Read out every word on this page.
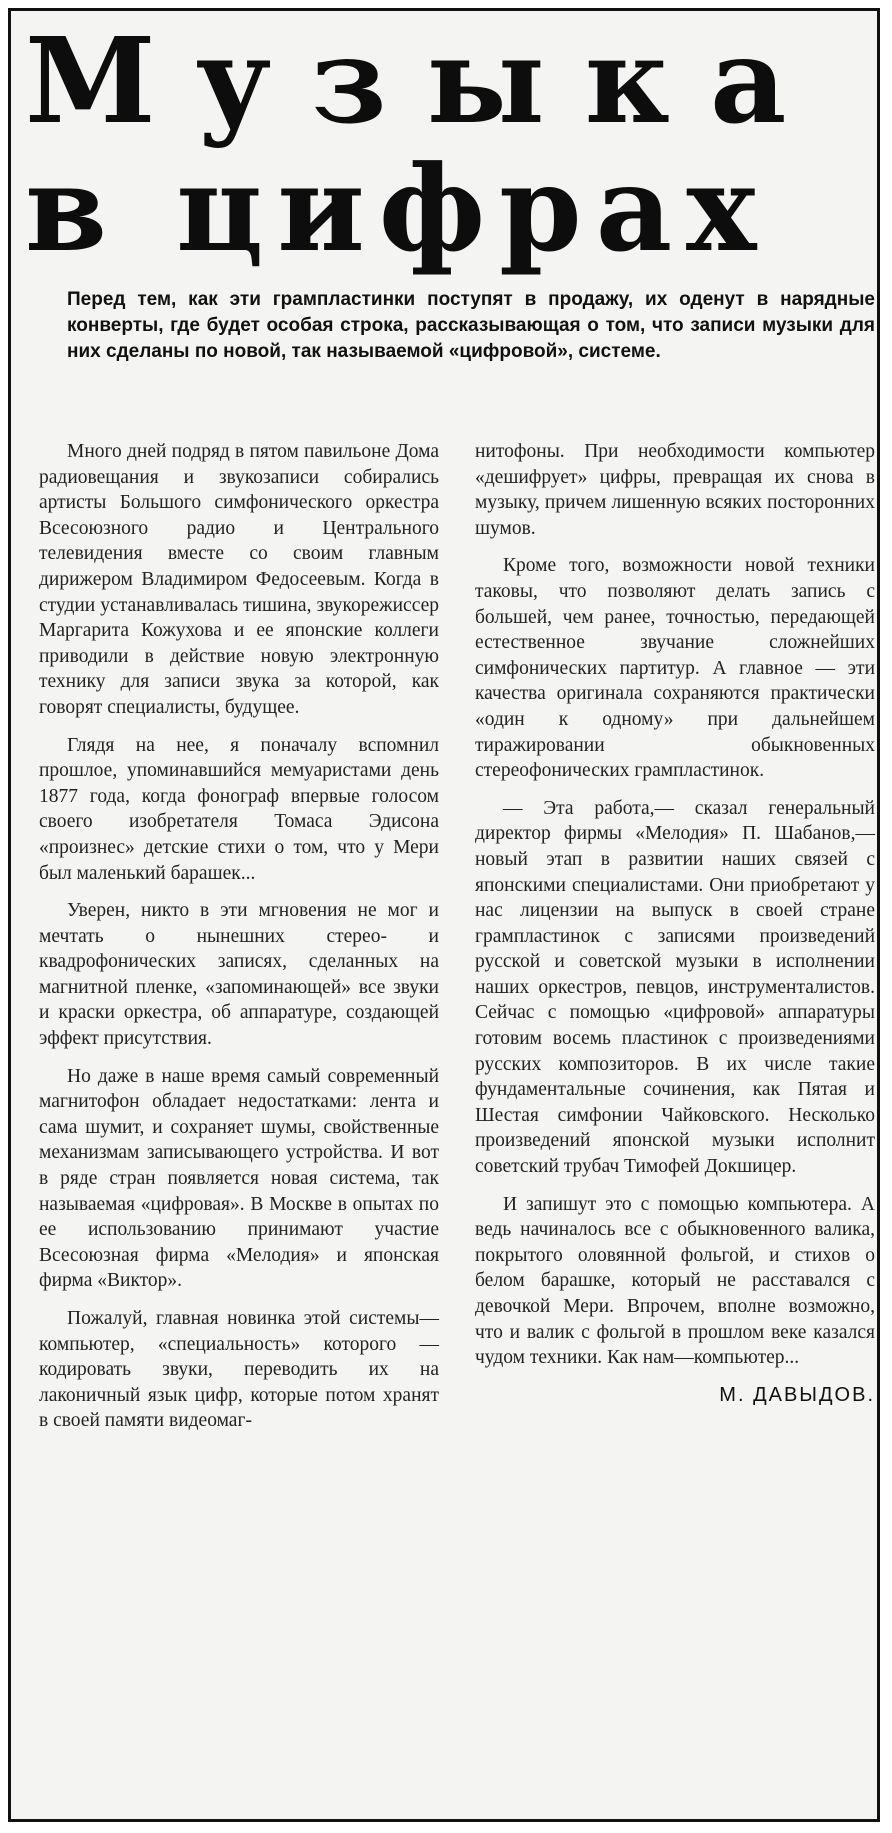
Музыка
в цифрах

Перед тем, как эти грампластинки поступят в продажу, их оденут в нарядные конверты, где будет особая строка, рассказывающая о том, что записи музыки для них сделаны по новой, так называемой «цифровой», системе.

Много дней подряд в пятом павильоне Дома радиовещания и звукозаписи собирались артисты Большого симфонического оркестра Всесоюзного радио и Центрального телевидения вместе со своим главным дирижером Владимиром Федосеевым. Когда в студии устанавливалась тишина, звукорежиссер Маргарита Кожухова и ее японские коллеги приводили в действие новую электронную технику для записи звука за которой, как говорят специалисты, будущее.

Глядя на нее, я поначалу вспомнил прошлое, упоминавшийся мемуаристами день 1877 года, когда фонограф впервые голосом своего изобретателя Томаса Эдисона «произнес» детские стихи о том, что у Мери был маленький барашек...

Уверен, никто в эти мгновения не мог и мечтать о нынешних стерео- и квадрофонических записях, сделанных на магнитной пленке, «запоминающей» все звуки и краски оркестра, об аппаратуре, создающей эффект присутствия.

Но даже в наше время самый современный магнитофон обладает недостатками: лента и сама шумит, и сохраняет шумы, свойственные механизмам записывающего устройства. И вот в ряде стран появляется новая система, так называемая «цифровая». В Москве в опытах по ее использованию принимают участие Всесоюзная фирма «Мелодия» и японская фирма «Виктор».

Пожалуй, главная новинка этой системы—компьютер, «специальность» которого — кодировать звуки, переводить их на лаконичный язык цифр, которые потом хранят в своей памяти видеомаг-

нитофоны. При необходимости компьютер «дешифрует» цифры, превращая их снова в музыку, причем лишенную всяких посторонних шумов.

Кроме того, возможности новой техники таковы, что позволяют делать запись с большей, чем ранее, точностью, передающей естественное звучание сложнейших симфонических партитур. А главное — эти качества оригинала сохраняются практически «один к одному» при дальнейшем тиражировании обыкновенных стереофонических грампластинок.

— Эта работа,— сказал генеральный директор фирмы «Мелодия» П. Шабанов,— новый этап в развитии наших связей с японскими специалистами. Они приобретают у нас лицензии на выпуск в своей стране грампластинок с записями произведений русской и советской музыки в исполнении наших оркестров, певцов, инструменталистов. Сейчас с помощью «цифровой» аппаратуры готовим восемь пластинок с произведениями русских композиторов. В их числе такие фундаментальные сочинения, как Пятая и Шестая симфонии Чайковского. Несколько произведений японской музыки исполнит советский трубач Тимофей Докшицер.

И запишут это с помощью компьютера. А ведь начиналось все с обыкновенного валика, покрытого оловянной фольгой, и стихов о белом барашке, который не расставался с девочкой Мери. Впрочем, вполне возможно, что и валик с фольгой в прошлом веке казался чудом техники. Как нам—компьютер...

М. ДАВЫДОВ.
